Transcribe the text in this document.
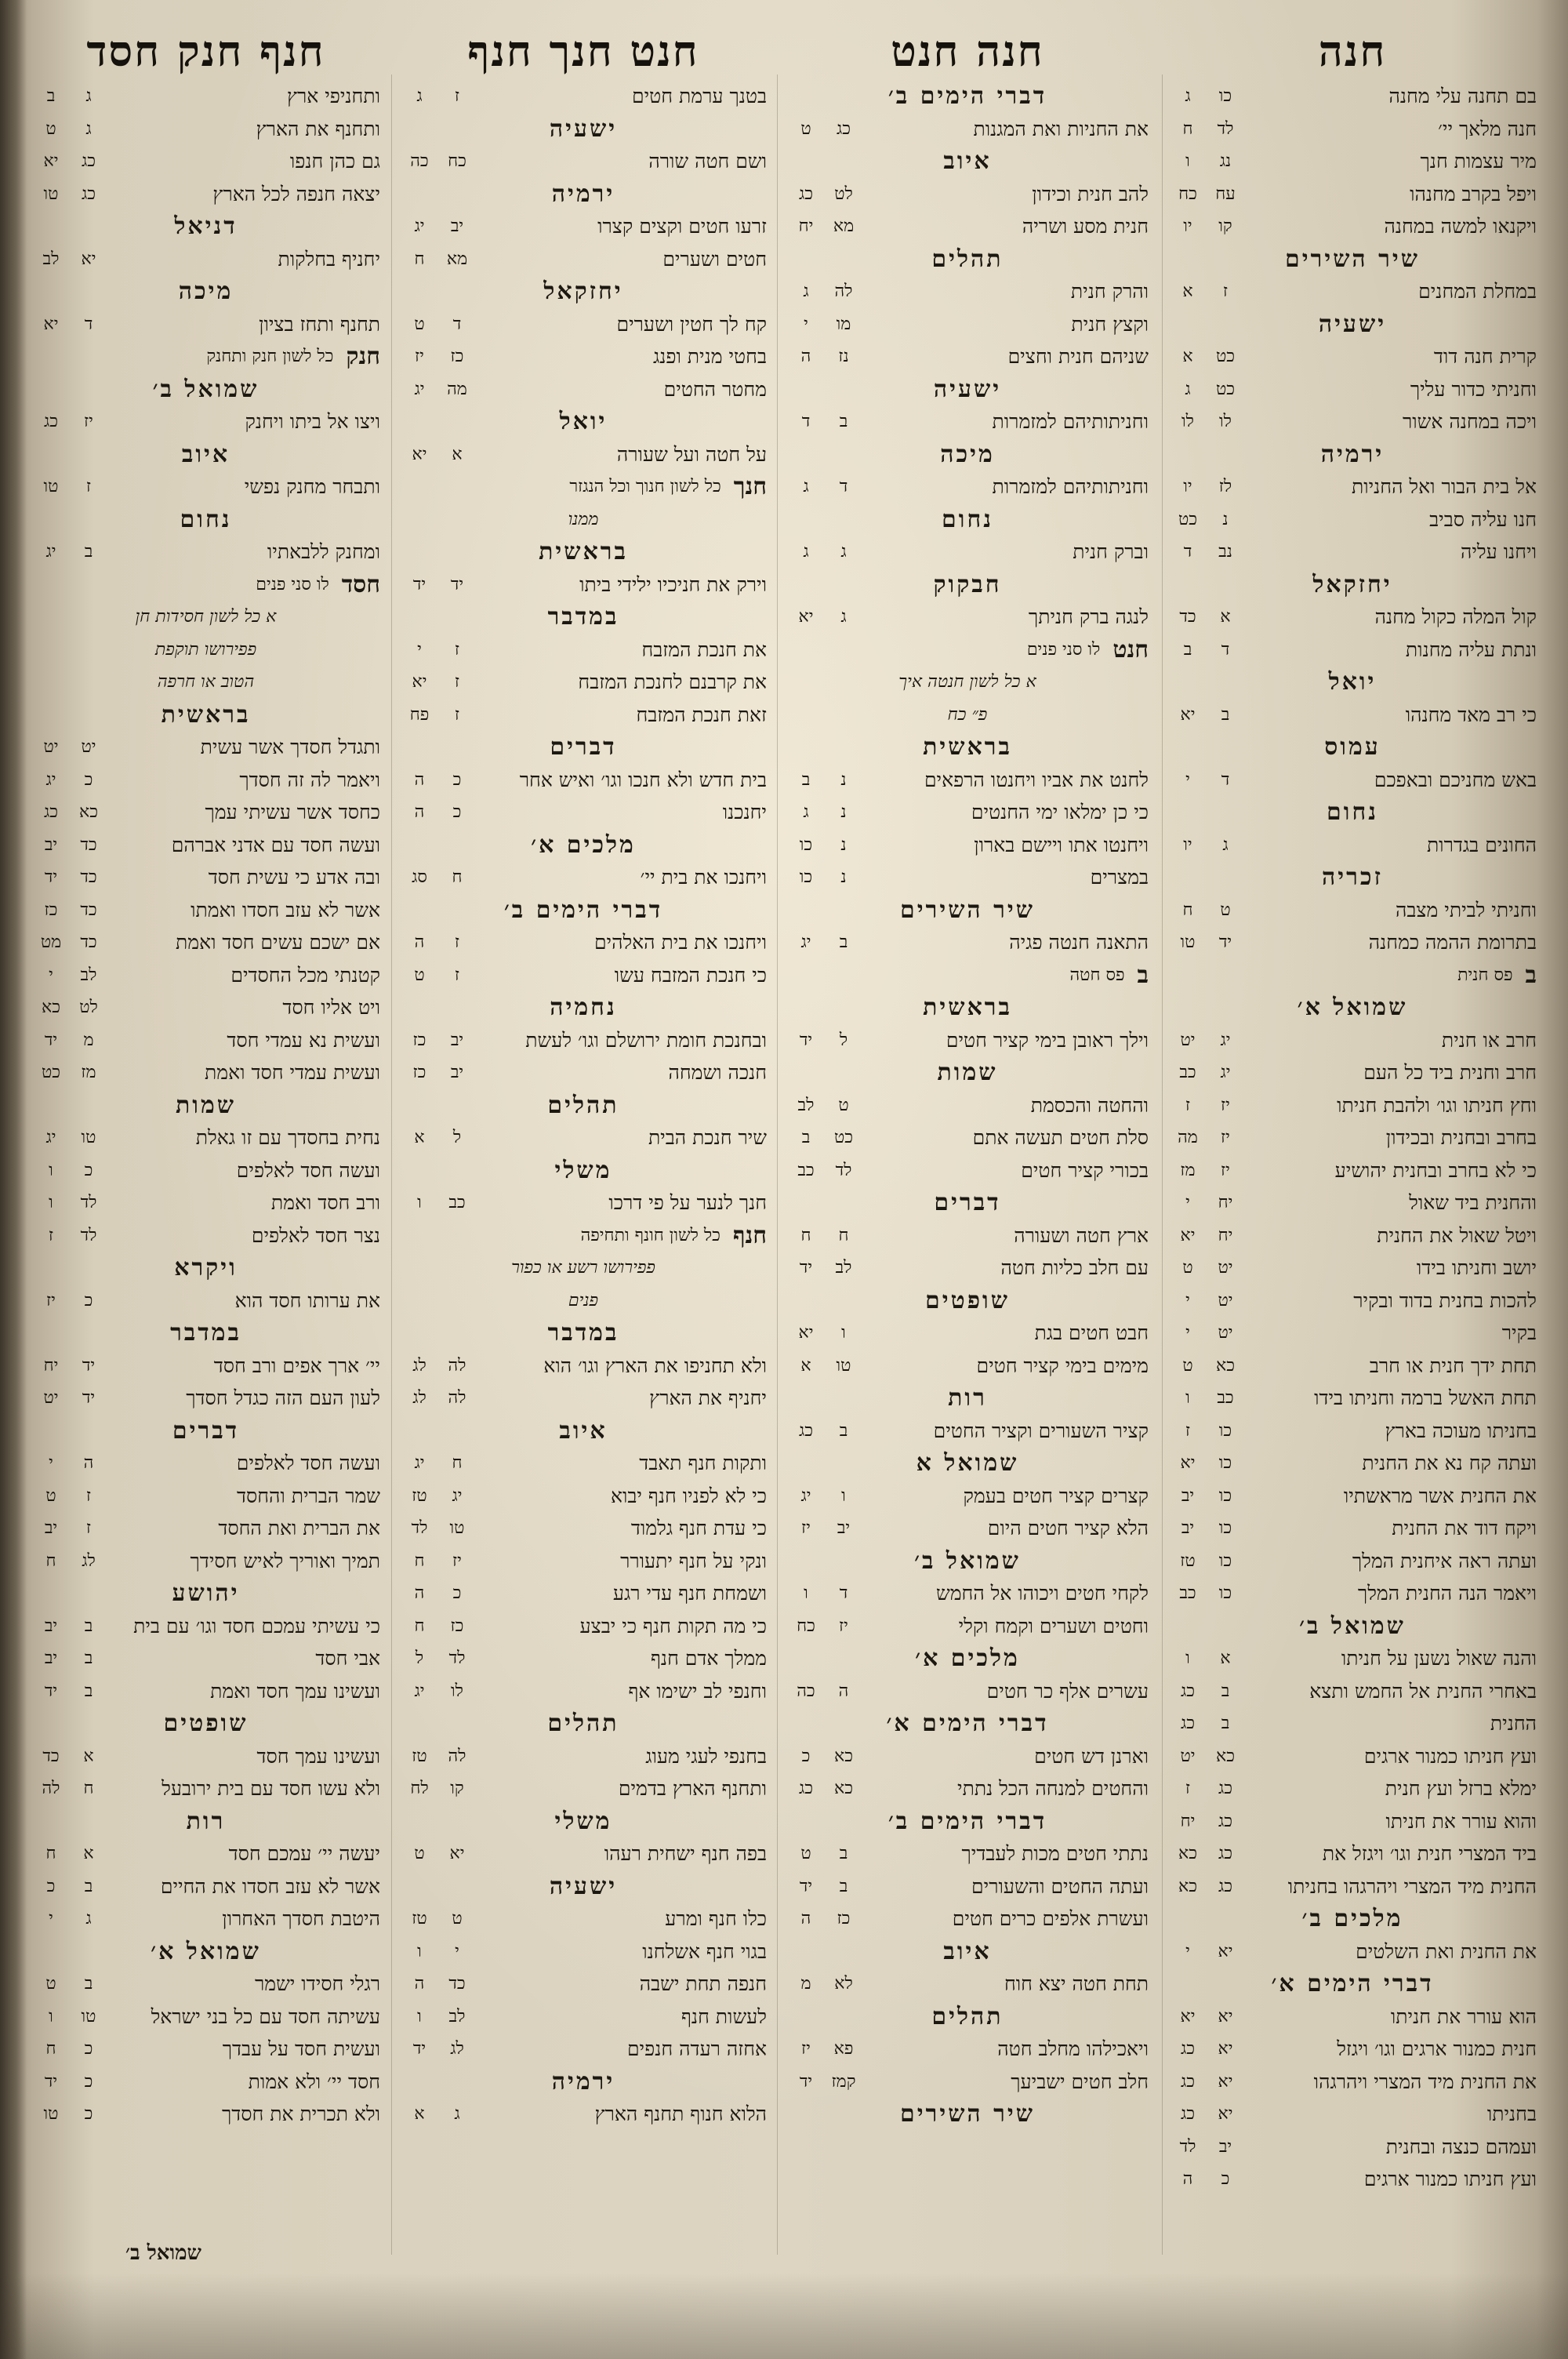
חנה
בם תחנה עלי מחנה
כו
ג
חנה מלאך יי׳
לד
ח
מיר עצמות חנך
נג
ו
ויפל בקרב מחנהו
עח
כח
ויקנאו למשה במחנה
קו
יו
שיר השירים
במחלת המחנים
ז
א
ישעיה
קרית חנה דוד
כט
א
וחניתי כדור עליך
כט
ג
ויכה במחנה אשור
לו
לו
ירמיה
אל בית הבור ואל החניות
לז
יו
חנו עליה סביב
נ
כט
ויחנו עליה
נב
ד
יחזקאל
קול המלה כקול מחנה
א
כד
ונתת עליה מחנות
ד
ב
יואל
כי רב מאד מחנהו
ב
יא
עמוס
באש מחניכם ובאפכם
ד
י
נחום
החונים בגדרות
ג
יו
זכריה
וחניתי לביתי מצבה
ט
ח
בתרומת ההמה כמחנה
יד
טו
ב
פס חנית
שמואל א׳
חרב או חנית
יג
יט
חרב וחנית ביד כל העם
יג
כב
וחץ חניתו וגו׳ ולהבת חניתו
יז
ז
בחרב ובחנית ובכידון
יז
מה
כי לא בחרב ובחנית יהושיע
יז
מז
והחנית ביד שאול
יח
י
ויטל שאול את החנית
יח
יא
יושב וחניתו בידו
יט
ט
להכות בחנית בדוד ובקיר
יט
י
בקיר
יט
י
תחת ידך חנית או חרב
כא
ט
תחת האשל ברמה וחניתו בידו
כב
ו
בחניתו מעוכה בארץ
כו
ז
ועתה קח נא את החנית
כו
יא
את החנית אשר מראשתיו
כו
יב
ויקח דוד את החנית
כו
יב
ועתה ראה איחנית המלך
כו
טז
ויאמר הנה החנית המלך
כו
כב
שמואל ב׳
והנה שאול נשען על חניתו
א
ו
באחרי החנית אל החמש ותצא
ב
כג
החנית
ב
כג
ועץ חניתו כמנור ארגים
כא
יט
ימלא ברזל ועץ חנית
כג
ז
והוא עורר את חניתו
כג
יח
ביד המצרי חנית וגו׳ ויגזל את
כג
כא
החנית מיד המצרי ויהרגהו בחניתו
כג
כא
מלכים ב׳
את החנית ואת השלטים
יא
י
דברי הימים א׳
הוא עורר את חניתו
יא
יא
חנית כמנור ארגים וגו׳ ויגזל
יא
כג
את החנית מיד המצרי ויהרגהו
יא
כג
בחניתו
יא
כג
ועמהם כנצה ובחנית
יב
לד
ועץ חניתו כמנור ארגים
כ
ה
חנה חנט
דברי הימים ב׳
את החניות ואת המגנות
כג
ט
איוב
להב חנית וכידון
לט
כג
חנית מסע ושריה
מא
יח
תהלים
והרק חנית
לה
ג
וקצץ חנית
מו
י
שניהם חנית וחצים
נז
ה
ישעיה
וחניתותיהם למזמרות
ב
ד
מיכה
וחניתותיהם למזמרות
ד
ג
נחום
וברק חנית
ג
ג
חבקוק
לנגה ברק חניתך
ג
יא
חנט
לו סני פנים
א כל לשון חנטה איך
פ״ כח
בראשית
לחנט את אביו ויחנטו הרפאים
נ
ב
כי כן ימלאו ימי החנטים
נ
ג
ויחנטו אתו ויישם בארון
נ
כו
במצרים
נ
כו
שיר השירים
התאנה חנטה פגיה
ב
יג
ב
פס חטה
בראשית
וילך ראובן בימי קציר חטים
ל
יד
שמות
והחטה והכסמת
ט
לב
סלת חטים תעשה אתם
כט
ב
בכורי קציר חטים
לד
כב
דברים
ארץ חטה ושעורה
ח
ח
עם חלב כליות חטה
לב
יד
שופטים
חבט חטים בגת
ו
יא
מימים בימי קציר חטים
טו
א
רות
קציר השעורים וקציר החטים
ב
כג
שמואל א
קצרים קציר חטים בעמק
ו
יג
הלא קציר חטים היום
יב
יז
שמואל ב׳
לקחי חטים ויכוהו אל החמש
ד
ו
וחטים ושערים וקמח וקלי
יז
כח
מלכים א׳
עשרים אלף כר חטים
ה
כה
דברי הימים א׳
וארנן דש חטים
כא
כ
והחטים למנחה הכל נתתי
כא
כג
דברי הימים ב׳
נתתי חטים מכות לעבדיך
ב
ט
ועתה החטים והשעורים
ב
יד
ועשרת אלפים כרים חטים
כז
ה
איוב
תחת חטה יצא חוח
לא
מ
תהלים
ויאכילהו מחלב חטה
פא
יז
חלב חטים ישביעך
קמז
יד
שיר השירים
חנט חנך חנף
בטנך ערמת חטים
ז
ג
ישעיה
ושם חטה שורה
כח
כה
ירמיה
זרעו חטים וקצים קצרו
יב
יג
חטים ושערים
מא
ח
יחזקאל
קח לך חטין ושערים
ד
ט
בחטי מנית ופנג
כז
יז
מחטר החטים
מה
יג
יואל
על חטה ועל שעורה
א
יא
חנך
כל לשון חנוך וכל הנגזר
ממנו
בראשית
וירק את חניכיו ילידי ביתו
יד
יד
במדבר
את חנכת המזבח
ז
י
את קרבנם לחנכת המזבח
ז
יא
זאת חנכת המזבח
ז
פח
דברים
בית חדש ולא חנכו וגו׳ ואיש אחר
כ
ה
יחנכנו
כ
ה
מלכים א׳
ויחנכו את בית יי׳
ח
סג
דברי הימים ב׳
ויחנכו את בית האלהים
ז
ה
כי חנכת המזבח עשו
ז
ט
נחמיה
ובחנכת חומת ירושלם וגו׳ לעשת
יב
כז
חנכה ושמחה
יב
כז
תהלים
שיר חנכת הבית
ל
א
משלי
חנך לנער על פי דרכו
כב
ו
חנף
כל לשון חונף ותחיפה
פפירושו רשע או כפור
פנים
במדבר
ולא תחניפו את הארץ וגו׳ הוא
לה
לג
יחניף את הארץ
לה
לג
איוב
ותקות חנף תאבד
ח
יג
כי לא לפניו חנף יבוא
יג
טז
כי עדת חנף גלמוד
טו
לד
ונקי על חנף יתעורר
יז
ח
ושמחת חנף עדי רגע
כ
ה
כי מה תקות חנף כי יבצע
כז
ח
ממלך אדם חנף
לד
ל
וחנפי לב ישימו אף
לו
יג
תהלים
בחנפי לעגי מעוג
לה
טז
ותחנף הארץ בדמים
קו
לח
משלי
בפה חנף ישחית רעהו
יא
ט
ישעיה
כלו חנף ומרע
ט
טז
בגוי חנף אשלחנו
י
ו
חנפה תחת ישבה
כד
ה
לעשות חנף
לב
ו
אחזה רעדה חנפים
לג
יד
ירמיה
הלוא חנוף תחנף הארץ
ג
א
חנף חנק חסד
ותחניפי ארץ
ג
ב
ותחנף את הארץ
ג
ט
גם כהן חנפו
כג
יא
יצאה חנפה לכל הארץ
כג
טו
דניאל
יחניף בחלקות
יא
לב
מיכה
תחנף ותחז בציון
ד
יא
חנק
כל לשון חנק ותחנק
שמואל ב׳
ויצו אל ביתו ויחנק
יז
כג
איוב
ותבחר מחנק נפשי
ז
טו
נחום
ומחנק ללבאתיו
ב
יג
חסד
לו סני פנים
א כל לשון חסידות חן
פפירושו תוקפת
הטוב או חרפה
בראשית
ותגדל חסדך אשר עשית
יט
יט
ויאמר לה זה חסדך
כ
יג
כחסד אשר עשיתי עמך
כא
כג
ועשה חסד עם אדני אברהם
כד
יב
ובה אדע כי עשית חסד
כד
יד
אשר לא עזב חסדו ואמתו
כד
כז
אם ישכם עשים חסד ואמת
כד
מט
קטנתי מכל החסדים
לב
י
ויט אליו חסד
לט
כא
ועשית נא עמדי חסד
מ
יד
ועשית עמדי חסד ואמת
מז
כט
שמות
נחית בחסדך עם זו גאלת
טו
יג
ועשה חסד לאלפים
כ
ו
ורב חסד ואמת
לד
ו
נצר חסד לאלפים
לד
ז
ויקרא
את ערותו חסד הוא
כ
יז
במדבר
יי׳ ארך אפים ורב חסד
יד
יח
לעון העם הזה כגדל חסדך
יד
יט
דברים
ועשה חסד לאלפים
ה
י
שמר הברית והחסד
ז
ט
את הברית ואת החסד
ז
יב
תמיך ואוריך לאיש חסידך
לג
ח
יהושע
כי עשיתי עמכם חסד וגו׳ עם בית
ב
יב
אבי חסד
ב
יב
ועשינו עמך חסד ואמת
ב
יד
שופטים
ועשינו עמך חסד
א
כד
ולא עשו חסד עם בית ירובעל
ח
לה
רות
יעשה יי׳ עמכם חסד
א
ח
אשר לא עזב חסדו את החיים
ב
כ
היטבת חסדך האחרון
ג
י
שמואל א׳
רגלי חסידו ישמר
ב
ט
עשיתה חסד עם כל בני ישראל
טו
ו
ועשית חסד על עבדך
כ
ח
חסד יי׳ ולא אמות
כ
יד
ולא תכרית את חסדך
כ
טו
שמואל ב׳
